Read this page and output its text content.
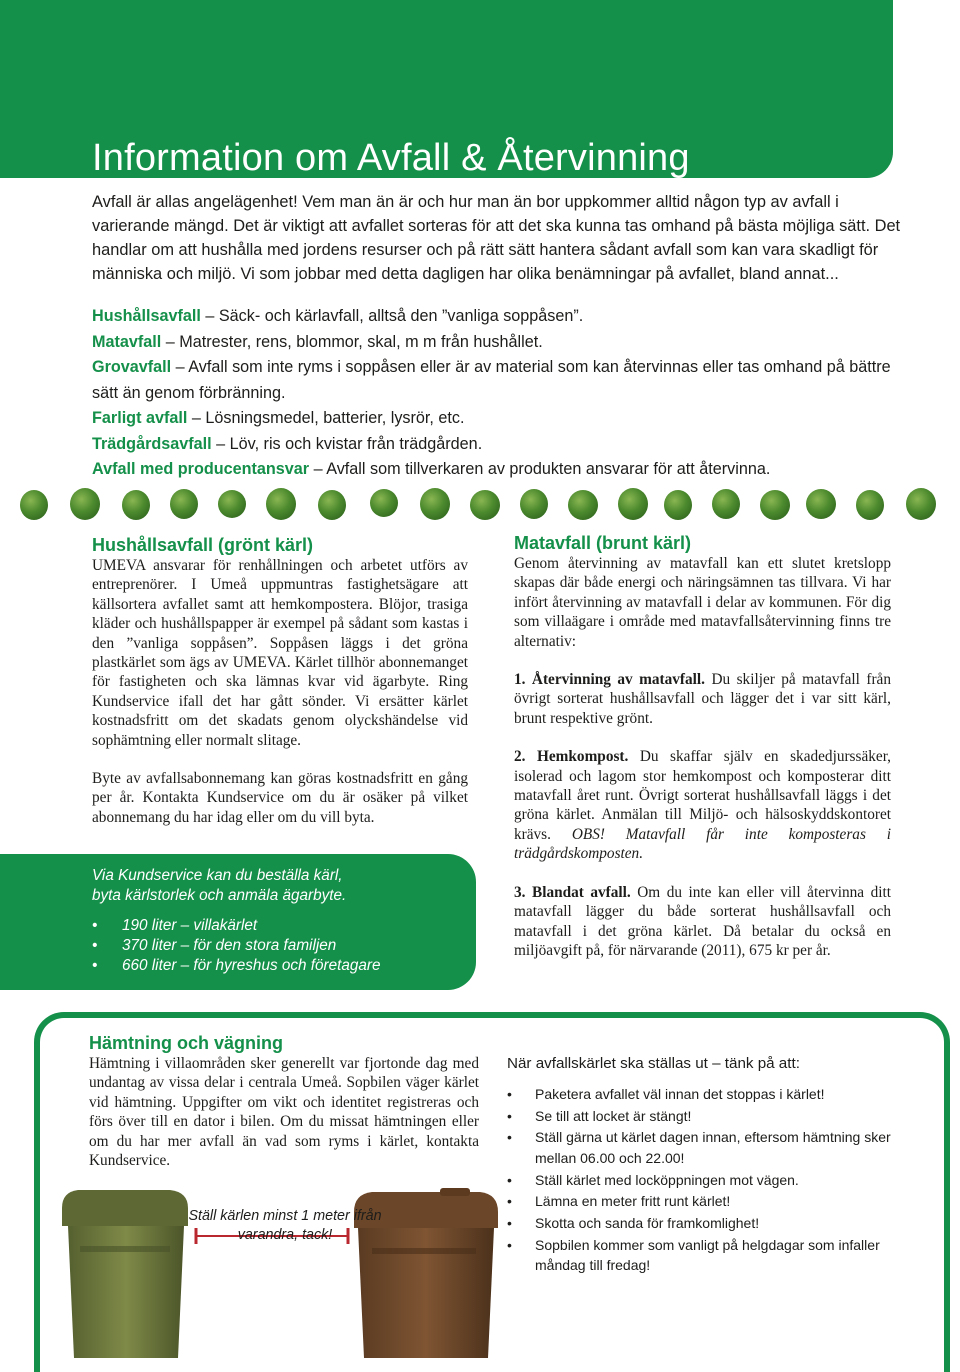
Information om Avfall & Återvinning

Avfall är allas angelägenhet! Vem man än är och hur man än bor uppkommer alltid någon typ av avfall i varierande mängd. Det är viktigt att avfallet sorteras för att det ska kunna tas omhand på bästa möjliga sätt. Det handlar om att hushålla med jordens resurser och på rätt sätt hantera sådant avfall som kan vara skadligt för människa och miljö. Vi som jobbar med detta dagligen har olika benämningar på avfallet, bland annat...

Hushållsavfall – Säck- och kärlavfall, alltså den ”vanliga soppåsen”.

Matavfall – Matrester, rens, blommor, skal, m m från hushållet.

Grovavfall – Avfall som inte ryms i soppåsen eller är av material som kan återvinnas eller tas omhand på bättre sätt än genom förbränning.

Farligt avfall – Lösningsmedel, batterier, lysrör, etc.

Trädgårdsavfall – Löv, ris och kvistar från trädgården.

Avfall med producentansvar – Avfall som tillverkaren av produkten ansvarar för att återvinna.

Hushållsavfall (grönt kärl)

UMEVA ansvarar för renhållningen och arbetet utförs av entreprenörer. I Umeå uppmuntras fastighetsägare att källsortera avfallet samt att hemkompostera. Blöjor, trasiga kläder och hushållspapper är exempel på sådant som kastas i den ”vanliga soppåsen”. Soppåsen läggs i det gröna plastkärlet som ägs av UMEVA. Kärlet tillhör abonnemanget för fastigheten och ska lämnas kvar vid ägarbyte. Ring Kundservice ifall det har gått sönder. Vi ersätter kärlet kostnadsfritt om det skadats genom olyckshändelse vid sophämtning eller normalt slitage.

Byte av avfallsabonnemang kan göras kostnadsfritt en gång per år. Kontakta Kundservice om du är osäker på vilket abonnemang du har idag eller om du vill byta.

Via Kundservice kan du beställa kärl,
byta kärlstorlek och anmäla ägarbyte.
• 190 liter – villakärlet
• 370 liter – för den stora familjen
• 660 liter – för hyreshus och företagare
Matavfall (brunt kärl)

Genom återvinning av matavfall kan ett slutet kretslopp skapas där både energi och näringsämnen tas tillvara. Vi har infört återvinning av matavfall i delar av kommunen. För dig som villaägare i område med matavfallsåtervinning finns tre alternativ:

1. Återvinning av matavfall. Du skiljer på matavfall från övrigt sorterat hushållsavfall och lägger det i var sitt kärl, brunt respektive grönt.

2. Hemkompost. Du skaffar själv en skadedjurssäker, isolerad och lagom stor hemkompost och komposterar ditt matavfall året runt. Övrigt sorterat hushållsavfall läggs i det gröna kärlet. Anmälan till Miljö- och hälsoskyddskontoret krävs. OBS! Matavfall får inte komposteras i trädgårdskomposten.

3. Blandat avfall. Om du inte kan eller vill återvinna ditt matavfall lägger du både sorterat hushållsavfall och matavfall i det gröna kärlet. Då betalar du också en miljöavgift på, för närvarande (2011), 675 kr per år.

Hämtning och vägning

Hämtning i villaområden sker generellt var fjortonde dag med undantag av vissa delar i centrala Umeå. Sopbilen väger kärlet vid hämtning. Uppgifter om vikt och identitet registreras och förs över till en dator i bilen. Om du missat hämtningen eller om du har mer avfall än vad som ryms i kärlet, kontakta Kundservice.

När avfallskärlet ska ställas ut – tänk på att:

• Paketera avfallet väl innan det stoppas i kärlet!
• Se till att locket är stängt!
• Ställ gärna ut kärlet dagen innan, eftersom hämtning sker mellan 06.00 och 22.00!
• Ställ kärlet med locköppningen mot vägen.
• Lämna en meter fritt runt kärlet!
• Skotta och sanda för framkomlighet!
• Sopbilen kommer som vanligt på helgdagar som infaller måndag till fredag!
Ställ kärlen minst 1 meter ifrån
varandra, tack!
